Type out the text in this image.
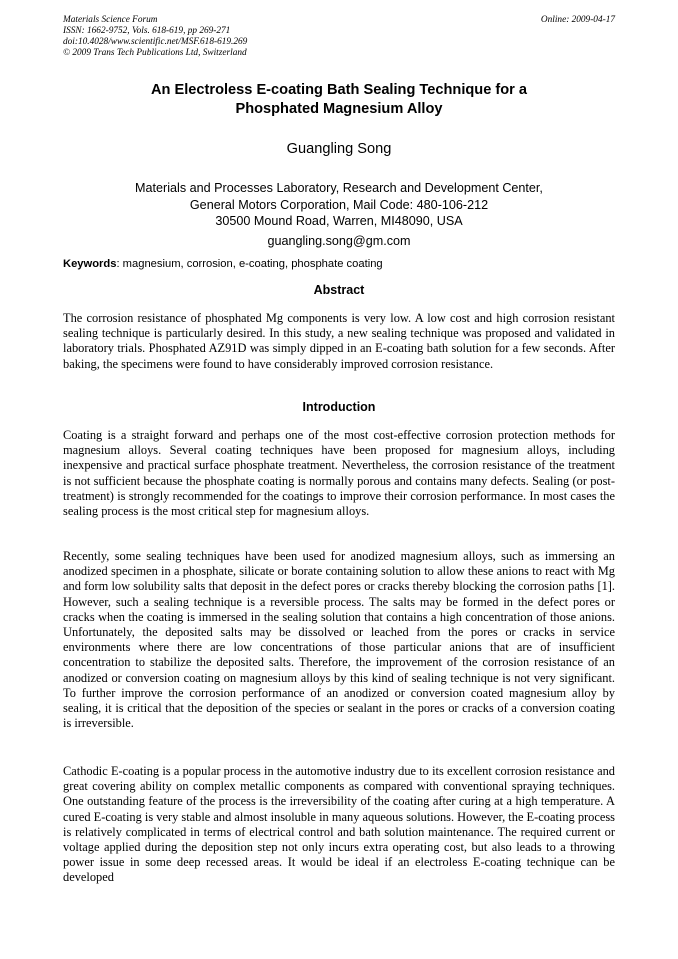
Materials Science Forum
ISSN: 1662-9752, Vols. 618-619, pp 269-271
doi:10.4028/www.scientific.net/MSF.618-619.269
© 2009 Trans Tech Publications Ltd, Switzerland
Online: 2009-04-17
An Electroless E-coating Bath Sealing Technique for a
Phosphated Magnesium Alloy
Guangling Song
Materials and Processes Laboratory, Research and Development Center,
General Motors Corporation, Mail Code: 480-106-212
30500 Mound Road, Warren, MI48090, USA
guangling.song@gm.com
Keywords: magnesium, corrosion, e-coating, phosphate coating
Abstract

The corrosion resistance of phosphated Mg components is very low. A low cost and high corrosion resistant sealing technique is particularly desired. In this study, a new sealing technique was proposed and validated in laboratory trials. Phosphated AZ91D was simply dipped in an E-coating bath solution for a few seconds. After baking, the specimens were found to have considerably improved corrosion resistance.

Introduction

Coating is a straight forward and perhaps one of the most cost-effective corrosion protection methods for magnesium alloys. Several coating techniques have been proposed for magnesium alloys, including inexpensive and practical surface phosphate treatment. Nevertheless, the corrosion resistance of the treatment is not sufficient because the phosphate coating is normally porous and contains many defects. Sealing (or post-treatment) is strongly recommended for the coatings to improve their corrosion performance. In most cases the sealing process is the most critical step for magnesium alloys.

Recently, some sealing techniques have been used for anodized magnesium alloys, such as immersing an anodized specimen in a phosphate, silicate or borate containing solution to allow these anions to react with Mg and form low solubility salts that deposit in the defect pores or cracks thereby blocking the corrosion paths [1]. However, such a sealing technique is a reversible process. The salts may be formed in the defect pores or cracks when the coating is immersed in the sealing solution that contains a high concentration of those anions. Unfortunately, the deposited salts may be dissolved or leached from the pores or cracks in service environments where there are low concentrations of those particular anions that are of insufficient concentration to stabilize the deposited salts. Therefore, the improvement of the corrosion resistance of an anodized or conversion coating on magnesium alloys by this kind of sealing technique is not very significant. To further improve the corrosion performance of an anodized or conversion coated magnesium alloy by sealing, it is critical that the deposition of the species or sealant in the pores or cracks of a conversion coating is irreversible.

Cathodic E-coating is a popular process in the automotive industry due to its excellent corrosion resistance and great covering ability on complex metallic components as compared with conventional spraying techniques. One outstanding feature of the process is the irreversibility of the coating after curing at a high temperature. A cured E-coating is very stable and almost insoluble in many aqueous solutions. However, the E-coating process is relatively complicated in terms of electrical control and bath solution maintenance. The required current or voltage applied during the deposition step not only incurs extra operating cost, but also leads to a throwing power issue in some deep recessed areas. It would be ideal if an electroless E-coating technique can be developed
